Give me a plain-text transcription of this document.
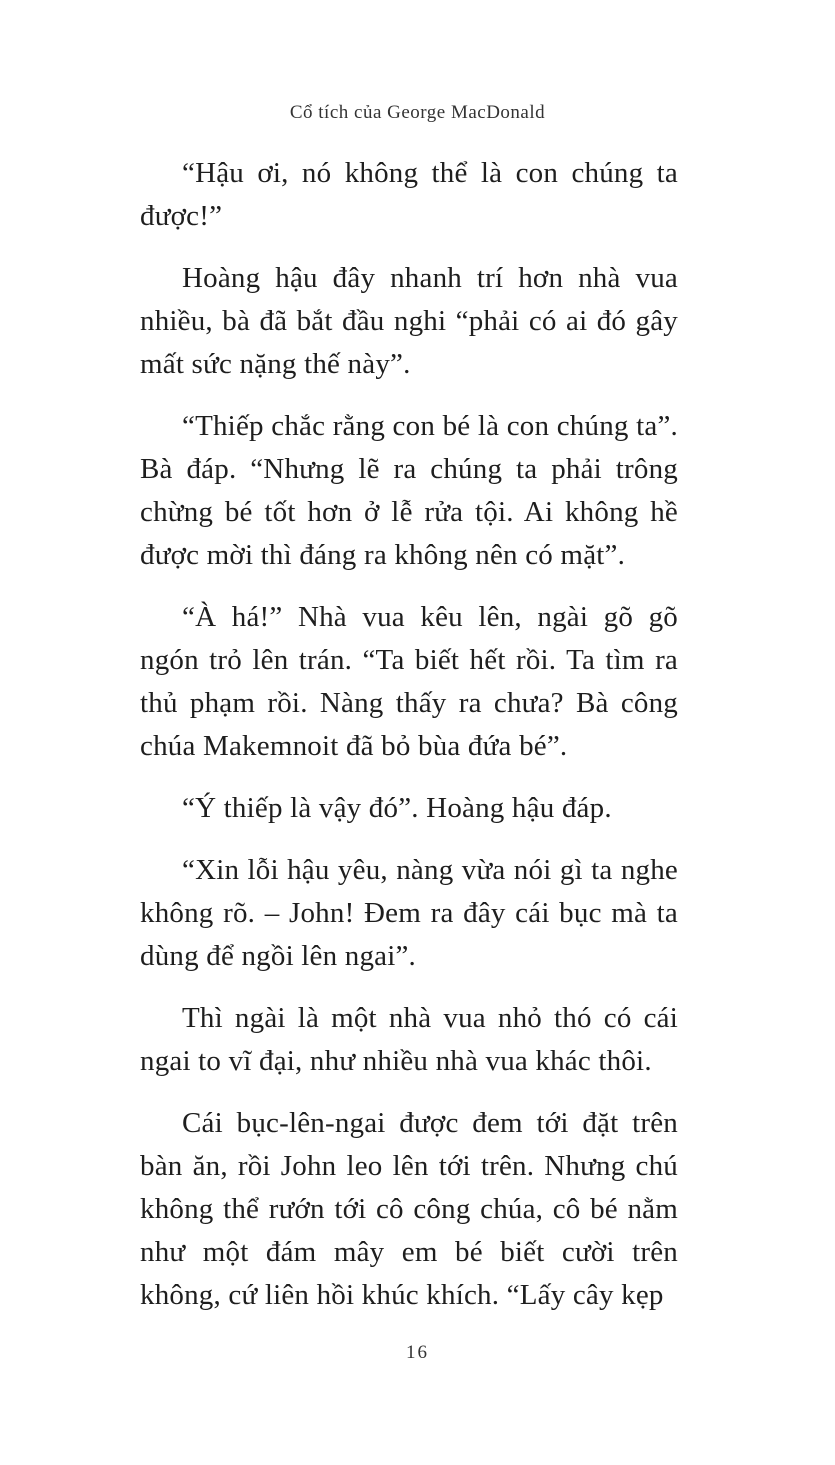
Cổ tích của George MacDonald

“Hậu ơi, nó không thể là con chúng ta được!”

Hoàng hậu đây nhanh trí hơn nhà vua nhiều, bà đã bắt đầu nghi “phải có ai đó gây mất sức nặng thế này”.

“Thiếp chắc rằng con bé là con chúng ta”. Bà đáp. “Nhưng lẽ ra chúng ta phải trông chừng bé tốt hơn ở lễ rửa tội. Ai không hề được mời thì đáng ra không nên có mặt”.

“À há!” Nhà vua kêu lên, ngài gõ gõ ngón trỏ lên trán. “Ta biết hết rồi. Ta tìm ra thủ phạm rồi. Nàng thấy ra chưa? Bà công chúa Makemnoit đã bỏ bùa đứa bé”.

“Ý thiếp là vậy đó”. Hoàng hậu đáp.

“Xin lỗi hậu yêu, nàng vừa nói gì ta nghe không rõ. – John! Đem ra đây cái bục mà ta dùng để ngồi lên ngai”.

Thì ngài là một nhà vua nhỏ thó có cái ngai to vĩ đại, như nhiều nhà vua khác thôi.

Cái bục-lên-ngai được đem tới đặt trên bàn ăn, rồi John leo lên tới trên. Nhưng chú không thể rướn tới cô công chúa, cô bé nằm như một đám mây em bé biết cười trên không, cứ liên hồi khúc khích. “Lấy cây kẹp

16
